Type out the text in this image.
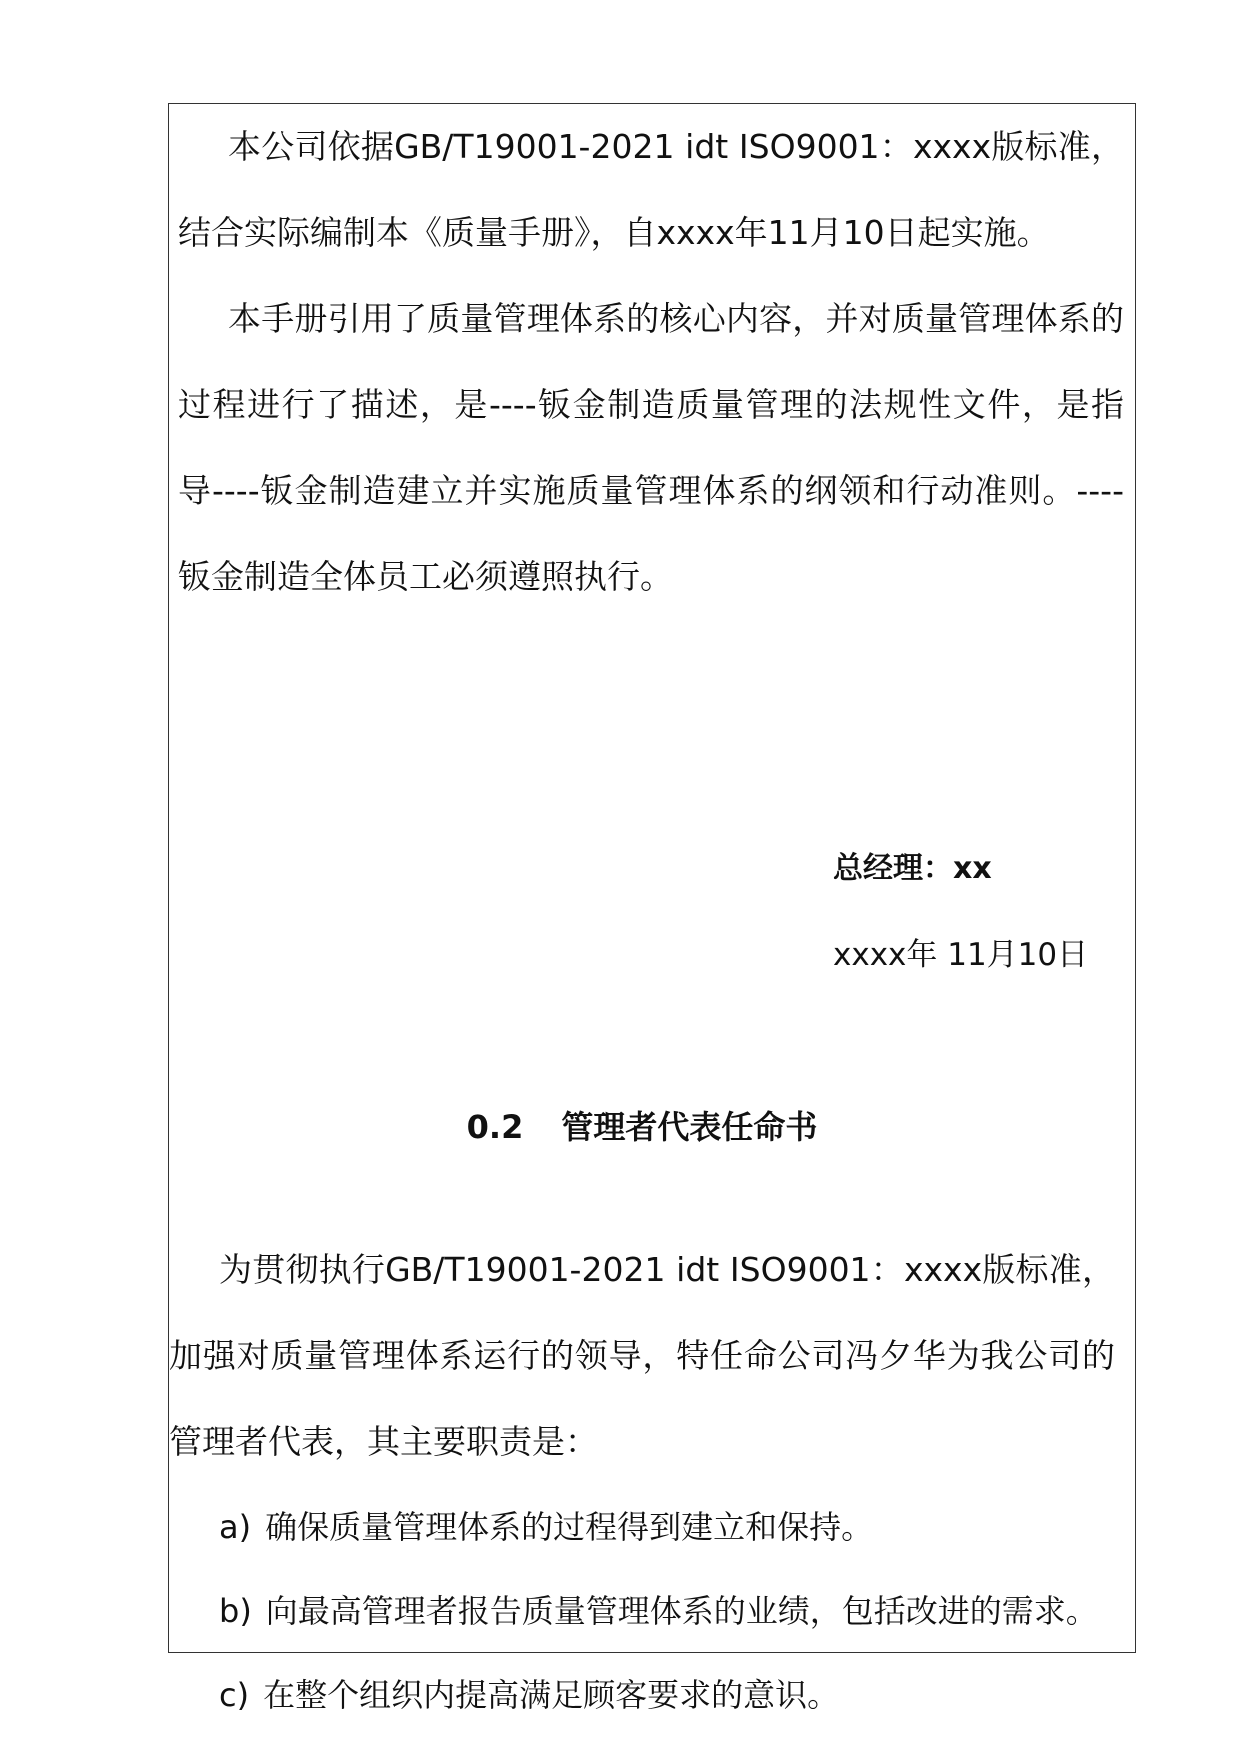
本公司依据GB/T19001-2021 idt ISO9001：xxxx版标准，结合实际编制本《质量手册》，自xxxx年11月10日起实施。

本手册引用了质量管理体系的核心内容，并对质量管理体系的过程进行了描述，是----钣金制造质量管理的法规性文件，是指导----钣金制造建立并实施质量管理体系的纲领和行动准则。----钣金制造全体员工必须遵照执行。

总经理：xx
xxxx年 11月10日
0.2 管理者代表任命书

为贯彻执行GB/T19001-2021 idt ISO9001：xxxx版标准，加强对质量管理体系运行的领导，特任命公司冯夕华为我公司的管理者代表，其主要职责是：

a) 确保质量管理体系的过程得到建立和保持。

b) 向最高管理者报告质量管理体系的业绩，包括改进的需求。

c) 在整个组织内提高满足顾客要求的意识。
